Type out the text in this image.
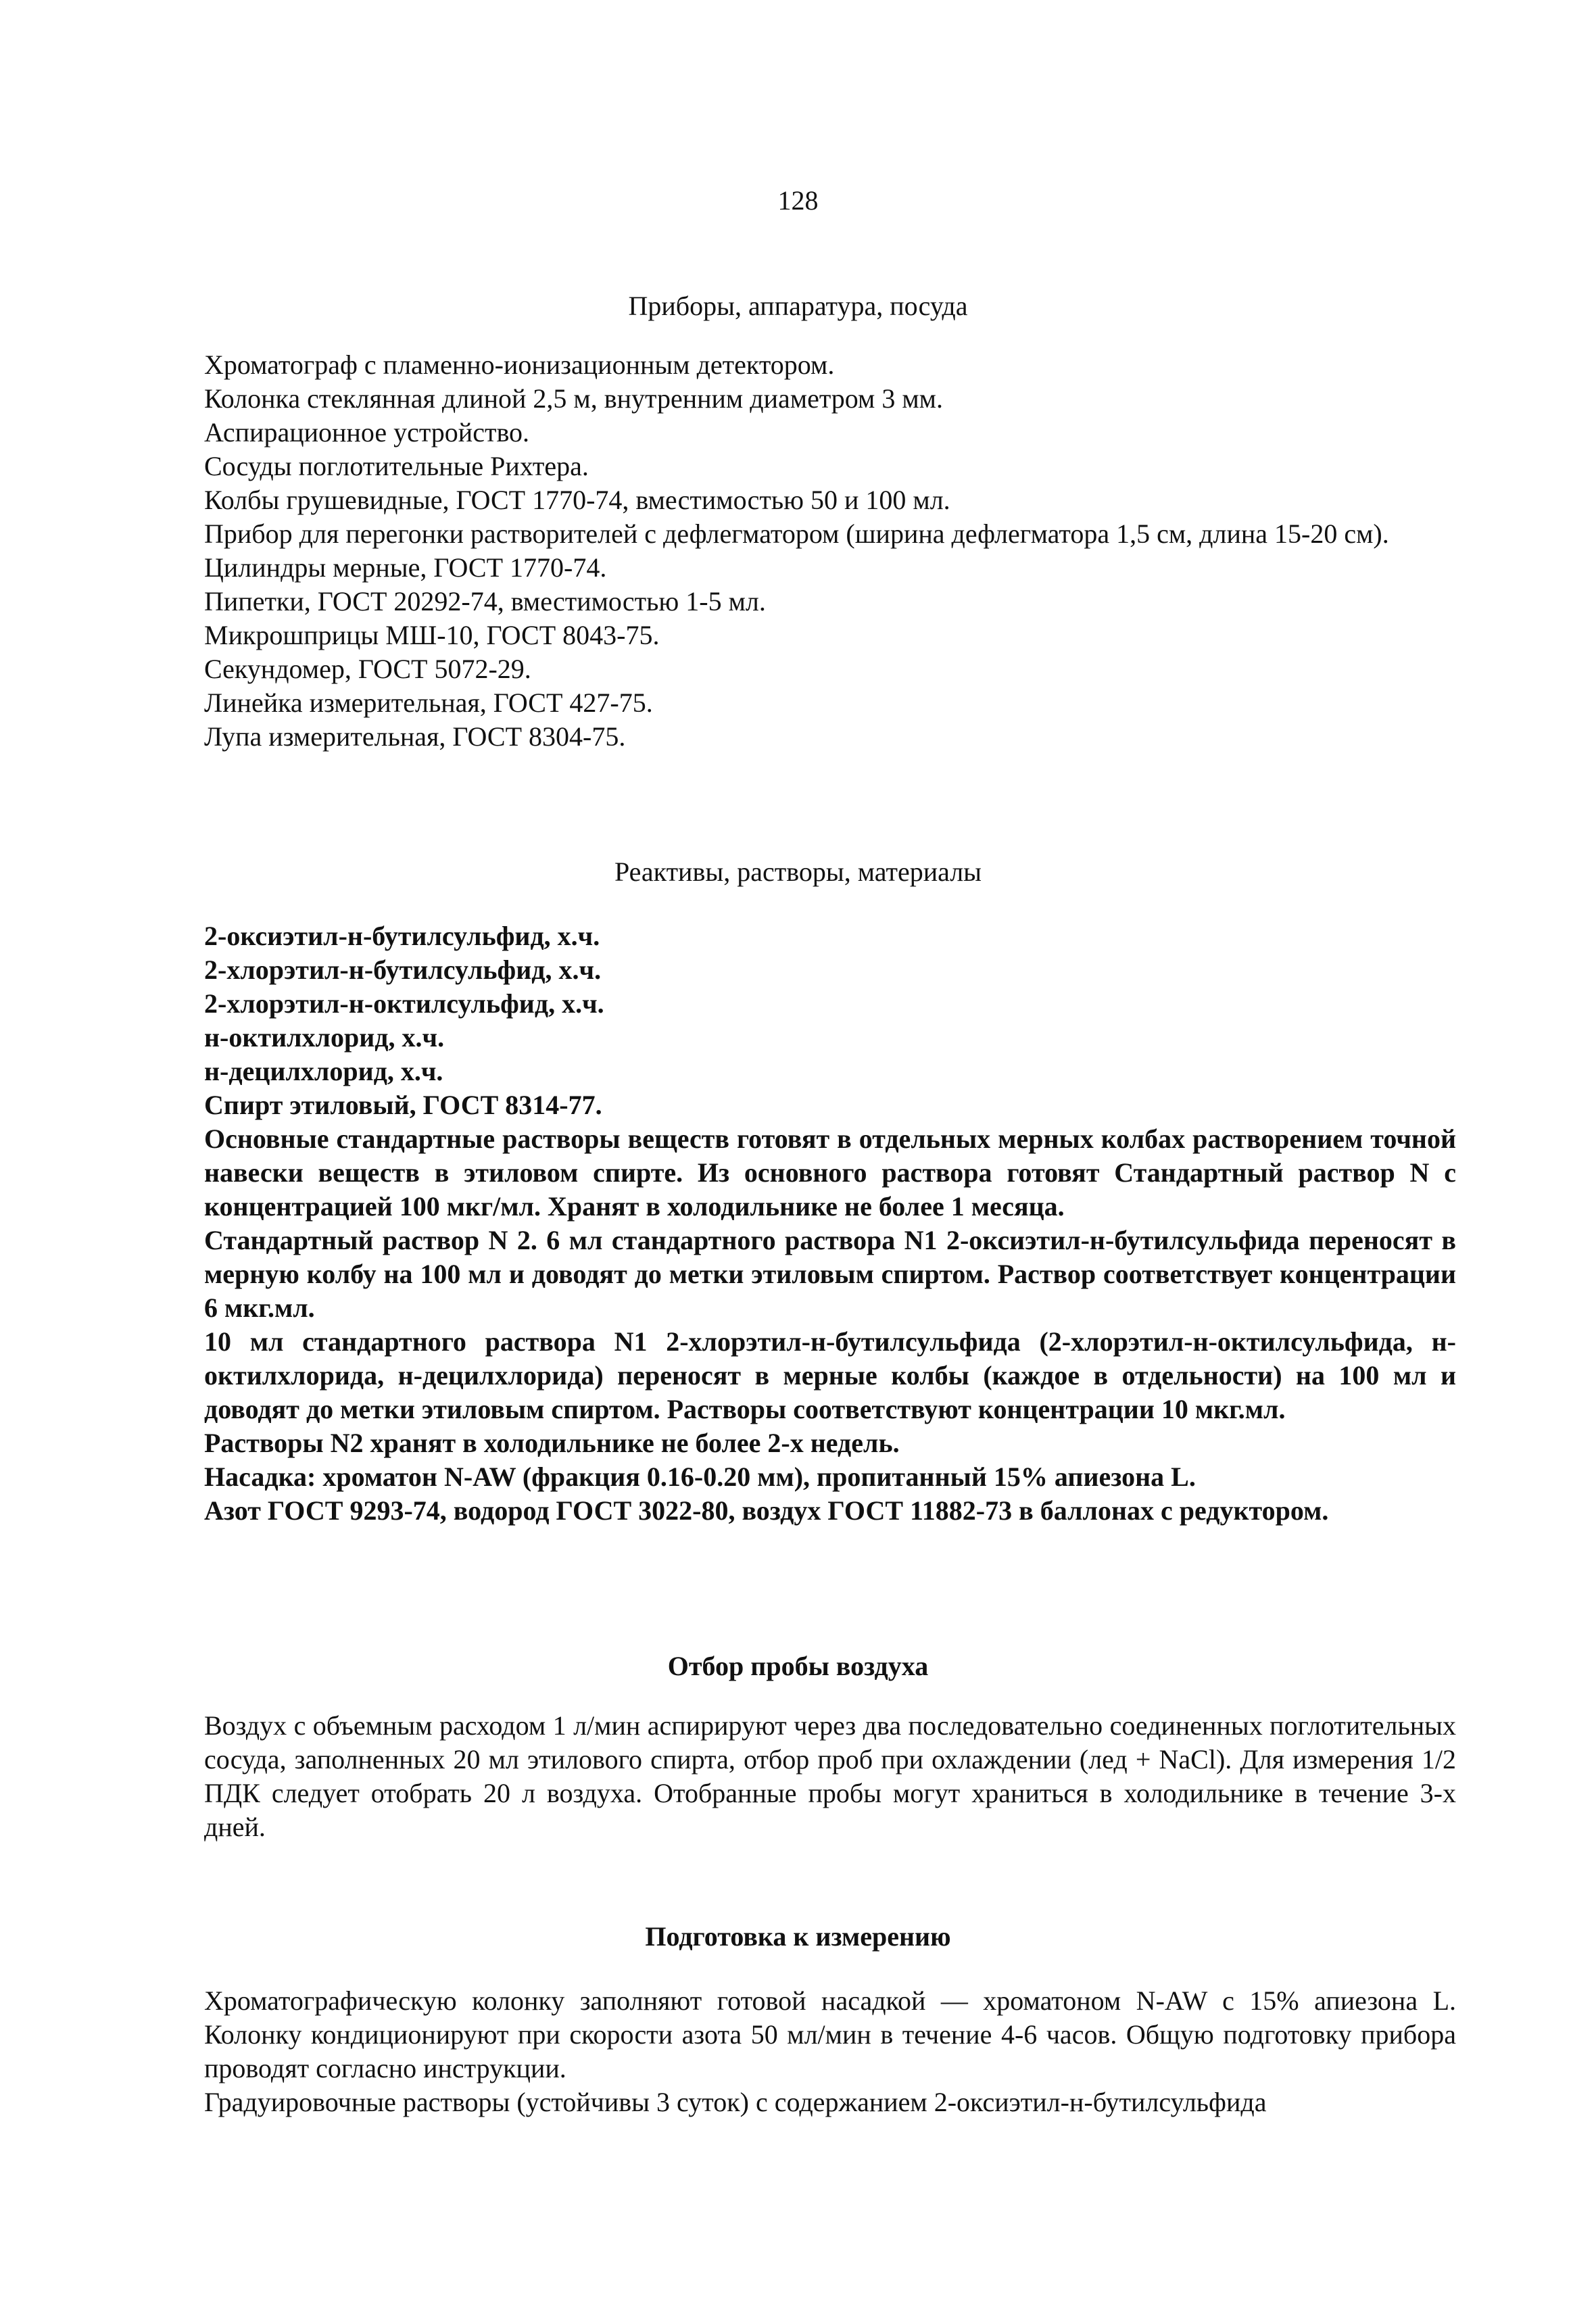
128
Приборы, аппаратура, посуда
Хроматограф с пламенно-ионизационным детектором.
Колонка стеклянная длиной 2,5 м, внутренним диаметром 3 мм.
Аспирационное устройство.
Сосуды поглотительные Рихтера.
Колбы грушевидные, ГОСТ 1770-74, вместимостью 50 и 100 мл.

Прибор для перегонки растворителей с дефлегматором (ширина дефлегматора 1,5 см, длина 15-20 см).

Цилиндры мерные, ГОСТ 1770-74.
Пипетки, ГОСТ 20292-74, вместимостью 1-5 мл.
Микрошприцы МШ-10, ГОСТ 8043-75.
Секундомер, ГОСТ 5072-29.
Линейка измерительная, ГОСТ 427-75.
Лупа измерительная, ГОСТ 8304-75.
Реактивы, растворы, материалы
2-оксиэтил-н-бутилсульфид, х.ч.
2-хлорэтил-н-бутилсульфид, х.ч.
2-хлорэтил-н-октилсульфид, х.ч.
н-октилхлорид, х.ч.
н-децилхлорид, х.ч.
Спирт этиловый, ГОСТ 8314-77.

Основные стандартные растворы веществ готовят в отдельных мерных колбах растворением точной навески веществ в этиловом спирте. Из основного раствора готовят Стандартный раствор N с концентрацией 100 мкг/мл. Хранят в холодильнике не более 1 месяца.

Стандартный раствор N 2. 6 мл стандартного раствора N1 2-оксиэтил-н-бутилсульфида переносят в мерную колбу на 100 мл и доводят до метки этиловым спиртом. Раствор соответствует концентрации 6 мкг.мл.

10 мл стандартного раствора N1 2-хлорэтил-н-бутилсульфида (2-хлорэтил-н-октилсульфида, н-октилхлорида, н-децилхлорида) переносят в мерные колбы (каждое в отдельности) на 100 мл и доводят до метки этиловым спиртом. Растворы соответствуют концентрации 10 мкг.мл.

Растворы N2 хранят в холодильнике не более 2-х недель.

Насадка: хроматон N-AW (фракция 0.16-0.20 мм), пропитанный 15% апиезона L.

Азот ГОСТ 9293-74, водород ГОСТ 3022-80, воздух ГОСТ 11882-73 в баллонах с редуктором.

Отбор пробы воздуха

Воздух с объемным расходом 1 л/мин аспирируют через два последовательно соединенных поглотительных сосуда, заполненных 20 мл этилового спирта, отбор проб при охлаждении (лед + NaCl). Для измерения 1/2 ПДК следует отобрать 20 л воздуха. Отобранные пробы могут храниться в холодильнике в течение 3-х дней.

Подготовка к измерению

Хроматографическую колонку заполняют готовой насадкой — хроматоном N-AW с 15% апиезона L. Колонку кондиционируют при скорости азота 50 мл/мин в течение 4-6 часов. Общую подготовку прибора проводят согласно инструкции.

Градуировочные растворы (устойчивы 3 суток) с содержанием 2-оксиэтил-н-бутилсульфида
